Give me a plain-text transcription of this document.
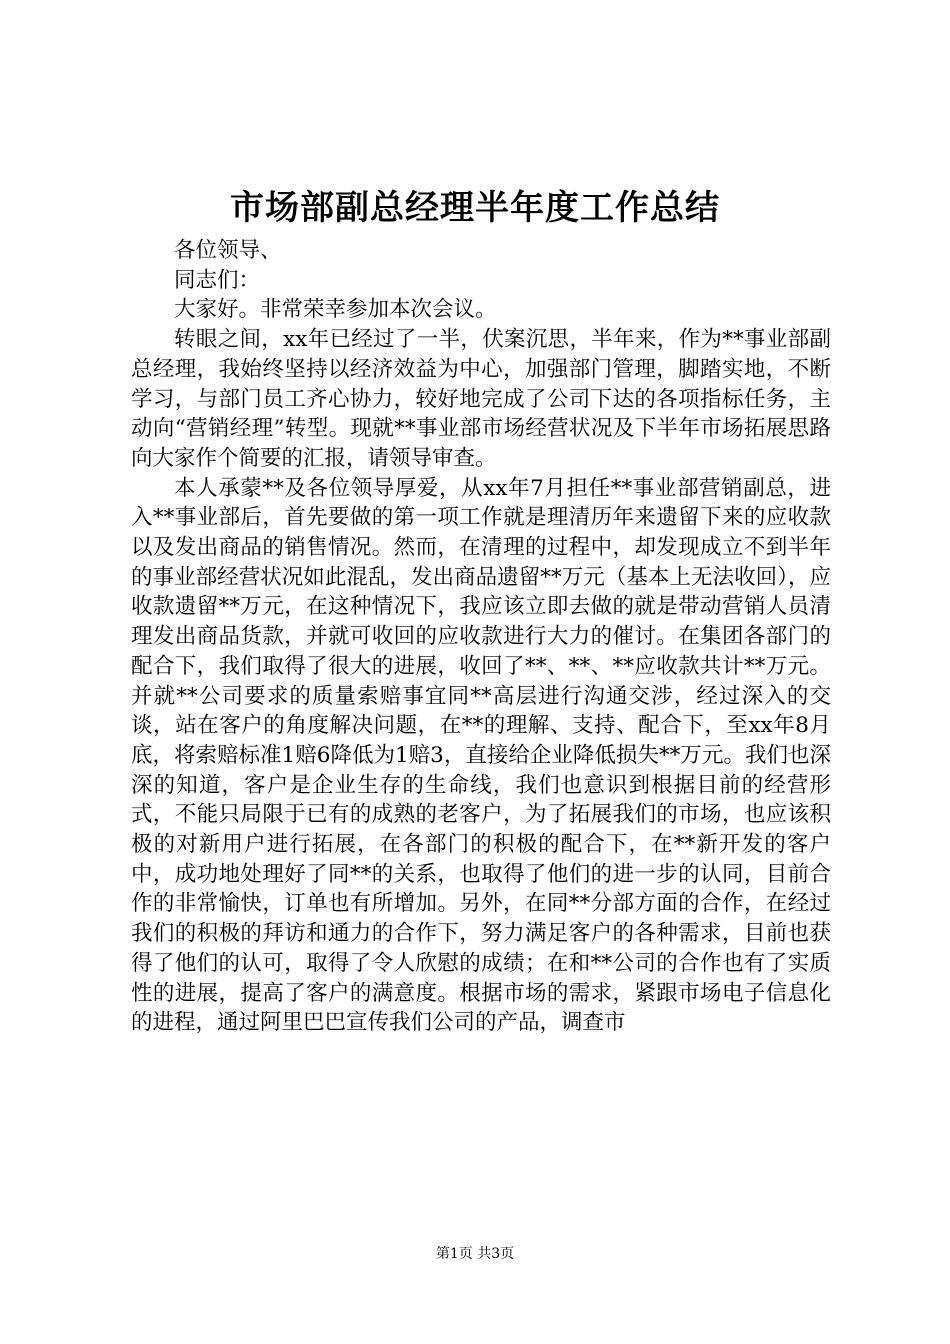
市场部副总经理半年度工作总结

各位领导、

同志们：

大家好。非常荣幸参加本次会议。

转眼之间，xx年已经过了一半，伏案沉思，半年来，作为**事业部副总经理，我始终坚持以经济效益为中心，加强部门管理，脚踏实地，不断学习，与部门员工齐心协力，较好地完成了公司下达的各项指标任务，主动向“营销经理”转型。现就**事业部市场经营状况及下半年市场拓展思路向大家作个简要的汇报，请领导审查。

本人承蒙**及各位领导厚爱，从xx年7月担任**事业部营销副总，进入**事业部后，首先要做的第一项工作就是理清历年来遗留下来的应收款以及发出商品的销售情况。然而，在清理的过程中，却发现成立不到半年的事业部经营状况如此混乱，发出商品遗留**万元（基本上无法收回），应收款遗留**万元，在这种情况下，我应该立即去做的就是带动营销人员清理发出商品货款，并就可收回的应收款进行大力的催讨。在集团各部门的配合下，我们取得了很大的进展，收回了**、**、**应收款共计**万元。并就**公司要求的质量索赔事宜同**高层进行沟通交涉，经过深入的交谈，站在客户的角度解决问题，在**的理解、支持、配合下，至xx年8月底，将索赔标准1赔6降低为1赔3，直接给企业降低损失**万元。我们也深深的知道，客户是企业生存的生命线，我们也意识到根据目前的经营形式，不能只局限于已有的成熟的老客户，为了拓展我们的市场，也应该积极的对新用户进行拓展，在各部门的积极的配合下，在**新开发的客户中，成功地处理好了同**的关系，也取得了他们的进一步的认同，目前合作的非常愉快，订单也有所增加。另外，在同**分部方面的合作，在经过我们的积极的拜访和通力的合作下，努力满足客户的各种需求，目前也获得了他们的认可，取得了令人欣慰的成绩；在和**公司的合作也有了实质性的进展，提高了客户的满意度。根据市场的需求，紧跟市场电子信息化的进程，通过阿里巴巴宣传我们公司的产品，调查市

第1页 共3页
